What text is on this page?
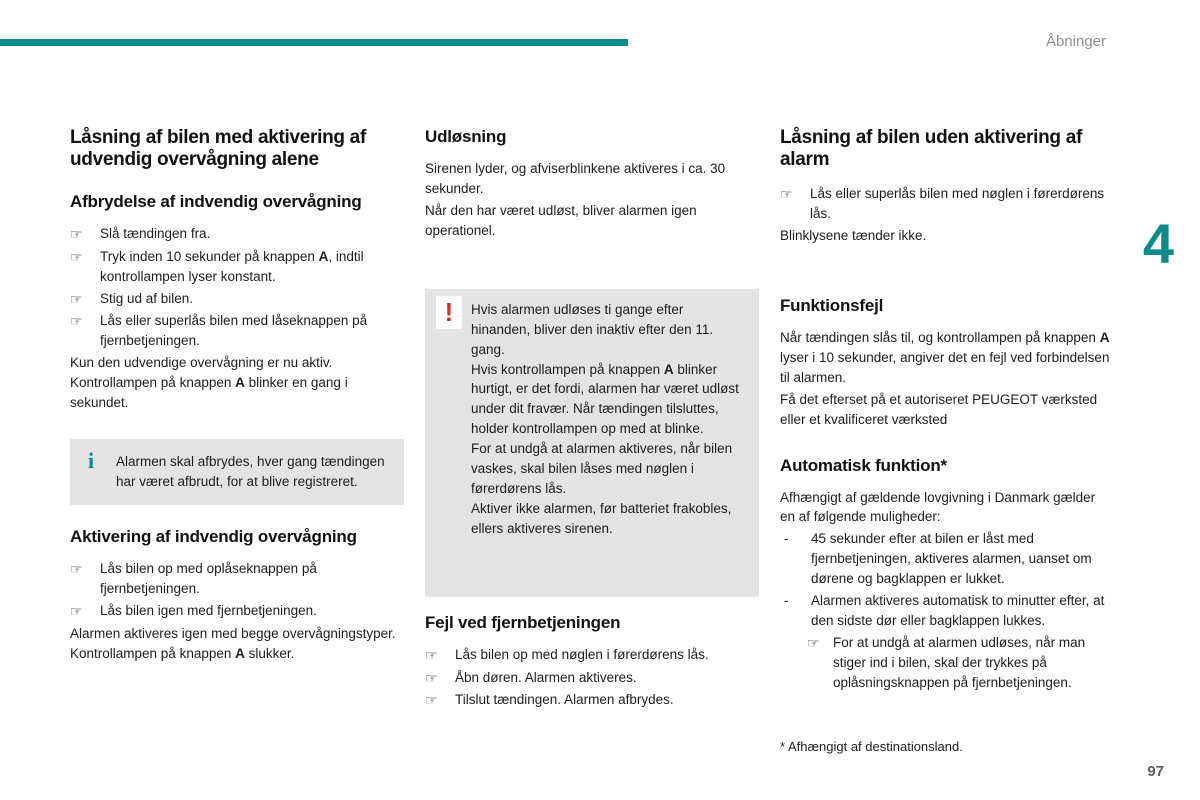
Åbninger
4
Låsning af bilen med aktivering af udvendig overvågning alene
Afbrydelse af indvendig overvågning
☞	Slå tændingen fra.
☞	Tryk inden 10 sekunder på knappen A, indtil kontrollampen lyser konstant.
☞	Stig ud af bilen.
☞	Lås eller superlås bilen med låseknappen på fjernbetjeningen.

Kun den udvendige overvågning er nu aktiv. Kontrollampen på knappen A blinker en gang i sekundet.

i Alarmen skal afbrydes, hver gang tændingen har været afbrudt, for at blive registreret.

Aktivering af indvendig overvågning
☞	Lås bilen op med oplåseknappen på fjernbetjeningen.
☞	Lås bilen igen med fjernbetjeningen.

Alarmen aktiveres igen med begge overvågningstyper. Kontrollampen på knappen A slukker.

Udløsning

Sirenen lyder, og afviserblinkene aktiveres i ca. 30 sekunder.

Når den har været udløst, bliver alarmen igen operationel.

! Hvis alarmen udløses ti gange efter hinanden, bliver den inaktiv efter den 11. gang.

Hvis kontrollampen på knappen A blinker hurtigt, er det fordi, alarmen har været udløst under dit fravær. Når tændingen tilsluttes, holder kontrollampen op med at blinke.

For at undgå at alarmen aktiveres, når bilen vaskes, skal bilen låses med nøglen i førerdørens lås.

Aktiver ikke alarmen, før batteriet frakobles, ellers aktiveres sirenen.

Fejl ved fjernbetjeningen
☞	Lås bilen op med nøglen i førerdørens lås.
☞	Åbn døren. Alarmen aktiveres.
☞	Tilslut tændingen. Alarmen afbrydes.
Låsning af bilen uden aktivering af alarm
☞	Lås eller superlås bilen med nøglen i førerdørens lås.

Blinklysene tænder ikke.

Funktionsfejl

Når tændingen slås til, og kontrollampen på knappen A lyser i 10 sekunder, angiver det en fejl ved forbindelsen til alarmen.

Få det efterset på et autoriseret PEUGEOT værksted eller et kvalificeret værksted

Automatisk funktion*

Afhængigt af gældende lovgivning i Danmark gælder en af følgende muligheder:

-	45 sekunder efter at bilen er låst med fjernbetjeningen, aktiveres alarmen, uanset om dørene og bagklappen er lukket.
-	Alarmen aktiveres automatisk to minutter efter, at den sidste dør eller bagklappen lukkes.
☞ For at undgå at alarmen udløses, når man stiger ind i bilen, skal der trykkes på oplåsningsknappen på fjernbetjeningen.

* Afhængigt af destinationsland.

97
